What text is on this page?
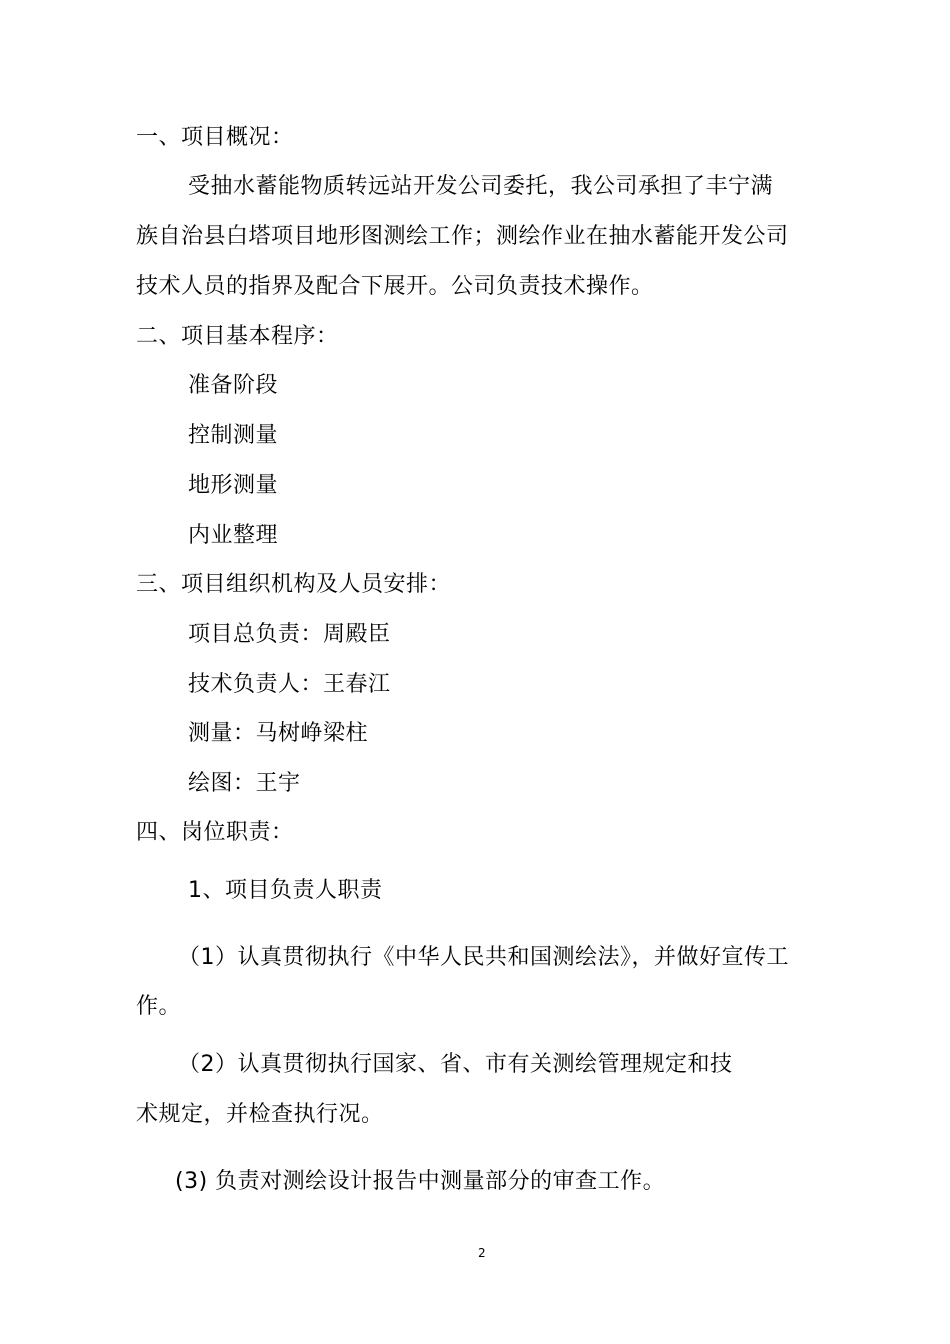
一、项目概况：
受抽水蓄能物质转远站开发公司委托，我公司承担了丰宁满
族自治县白塔项目地形图测绘工作；测绘作业在抽水蓄能开发公司
技术人员的指界及配合下展开。公司负责技术操作。
二、项目基本程序：
准备阶段
控制测量
地形测量
内业整理
三、项目组织机构及人员安排：
项目总负责：周殿臣
技术负责人：王春江
测量：马树峥梁柱
绘图：王宇
四、岗位职责：
1、项目负责人职责
（1）认真贯彻执行《中华人民共和国测绘法》，并做好宣传工
作。
（2）认真贯彻执行国家、省、市有关测绘管理规定和技
术规定，并检查执行况。
(3) 负责对测绘设计报告中测量部分的审查工作。
2
